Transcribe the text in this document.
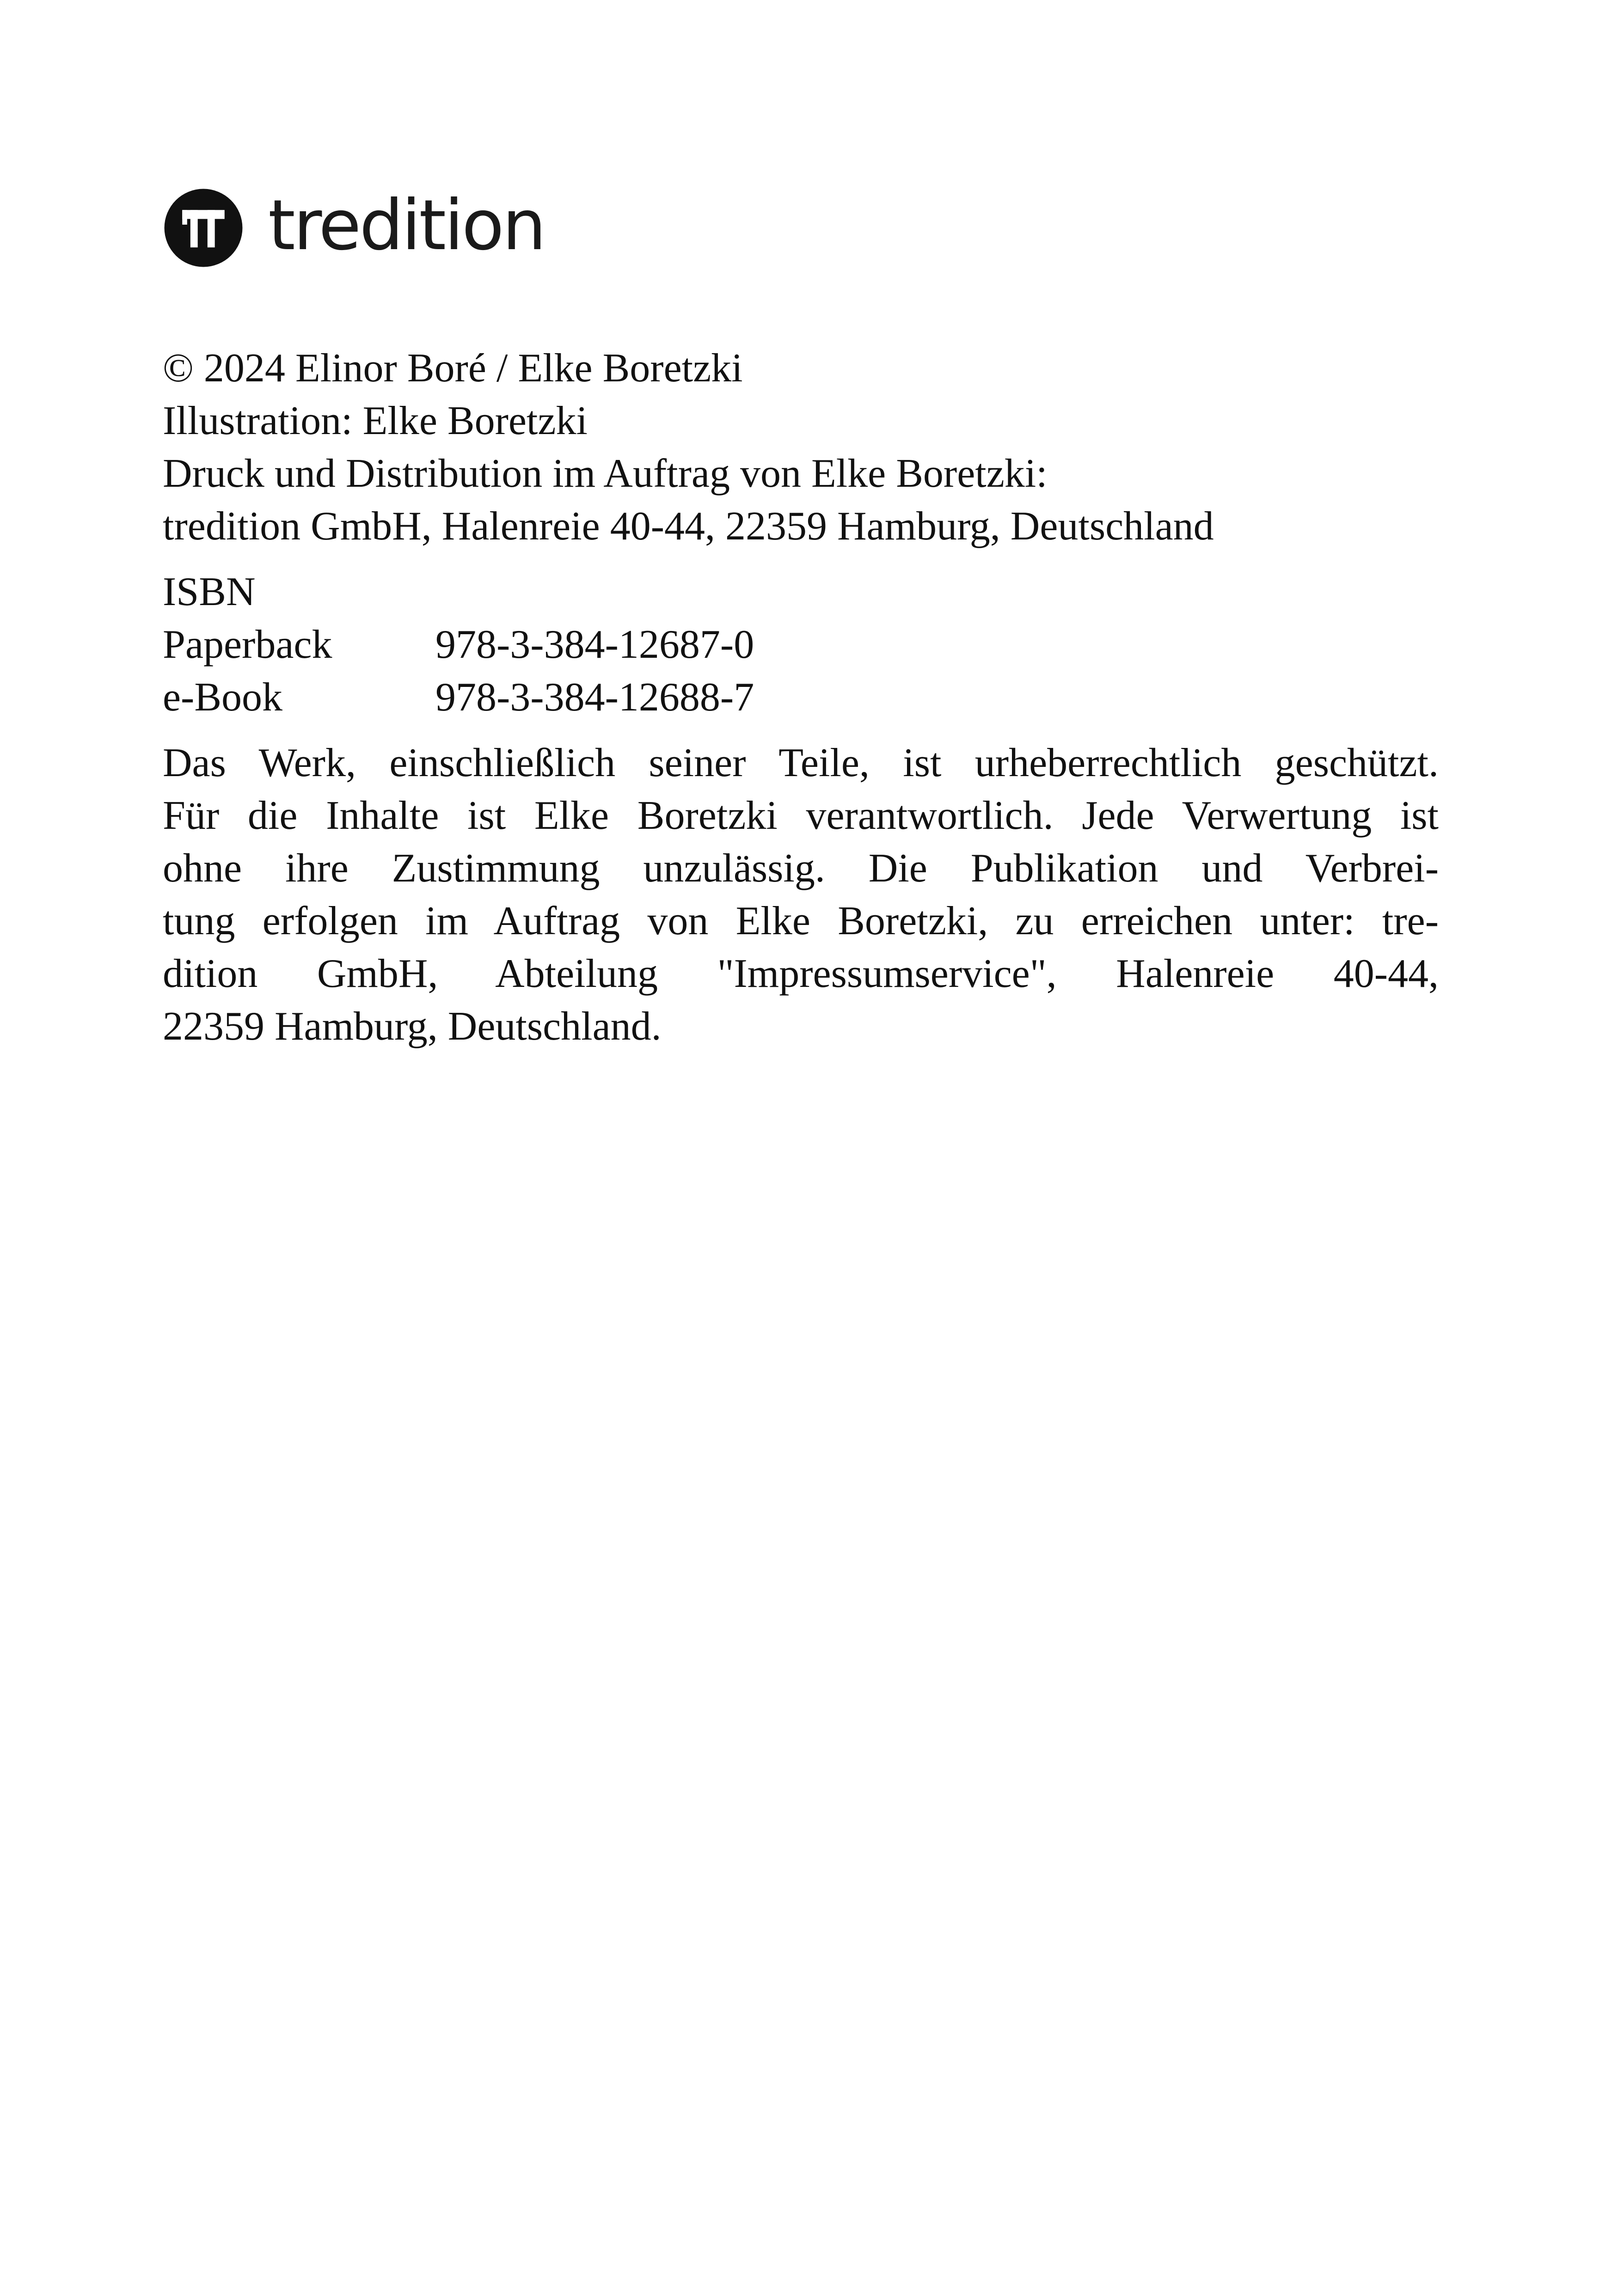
tredition
© 2024 Elinor Boré / Elke Boretzki
Illustration: Elke Boretzki
Druck und Distribution im Auftrag von Elke Boretzki:
tredition GmbH, Halenreie 40-44, 22359 Hamburg, Deutschland
ISBN
Paperback	978-3-384-12687-0
e-Book	978-3-384-12688-7
Das Werk, einschließlich seiner Teile, ist urheberrechtlich geschützt.
Für die Inhalte ist Elke Boretzki verantwortlich. Jede Verwertung ist
ohne ihre Zustimmung unzulässig. Die Publikation und Verbrei-
tung erfolgen im Auftrag von Elke Boretzki, zu erreichen unter: tre-
dition GmbH, Abteilung "Impressumservice", Halenreie 40-44,
22359 Hamburg, Deutschland.
